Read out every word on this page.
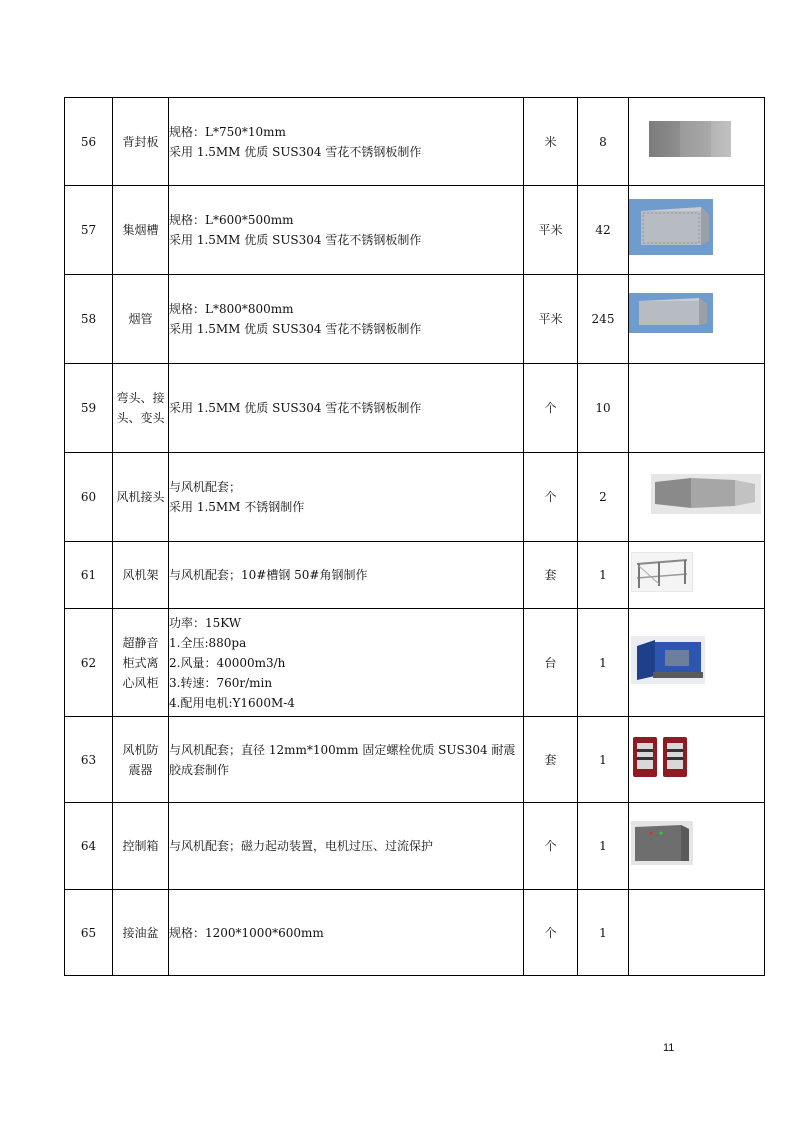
56	背封板	规格：L*750*10mm
采用 1.5MM 优质 SUS304 雪花不锈钢板制作	米	8	
57	集烟槽	规格：L*600*500mm
采用 1.5MM 优质 SUS304 雪花不锈钢板制作	平米	42	
58	烟管	规格：L*800*800mm
采用 1.5MM 优质 SUS304 雪花不锈钢板制作	平米	245	
59	弯头、接头、变头	采用 1.5MM 优质 SUS304 雪花不锈钢板制作	个	10	
60	风机接头	与风机配套；
采用 1.5MM 不锈钢制作	个	2	
61	风机架	与风机配套；10#槽钢 50#角钢制作	套	1	
62	超静音柜式离心风柜	功率：15KW
1.全压:880pa
2.风量：40000m3/h
3.转速：760r/min
4.配用电机:Y1600M-4	台	1	
63	风机防震器	与风机配套；直径 12mm*100mm 固定螺栓优质 SUS304 耐震胶成套制作	套	1	
64	控制箱	与风机配套；磁力起动装置，电机过压、过流保护	个	1	
65	接油盆	规格：1200*1000*600mm	个	1	
11
